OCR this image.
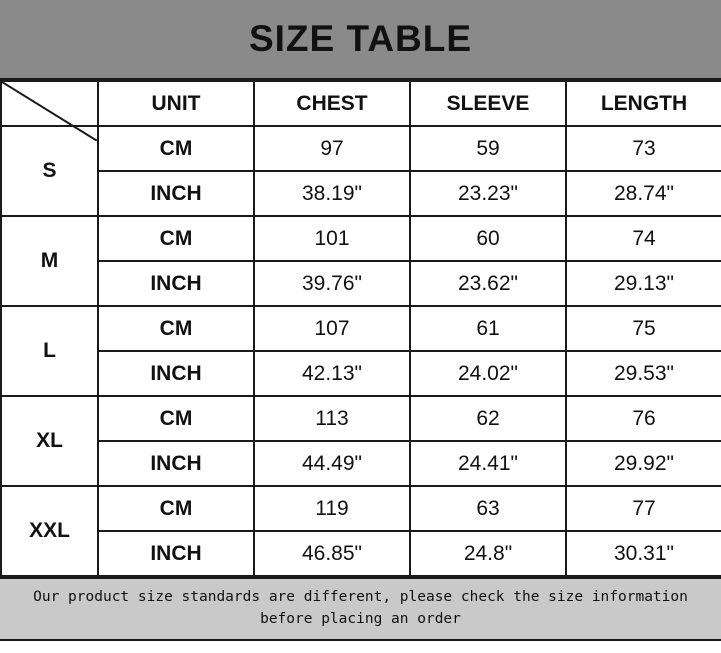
SIZE TABLE
	UNIT	CHEST	SLEEVE	LENGTH
S	CM	97	59	73
	INCH	38.19"	23.23"	28.74"
M	CM	101	60	74
	INCH	39.76"	23.62"	29.13"
L	CM	107	61	75
	INCH	42.13"	24.02"	29.53"
XL	CM	113	62	76
	INCH	44.49"	24.41"	29.92"
XXL	CM	119	63	77
	INCH	46.85"	24.8"	30.31"
Our product size standards are different, please check the size information
before placing an order
